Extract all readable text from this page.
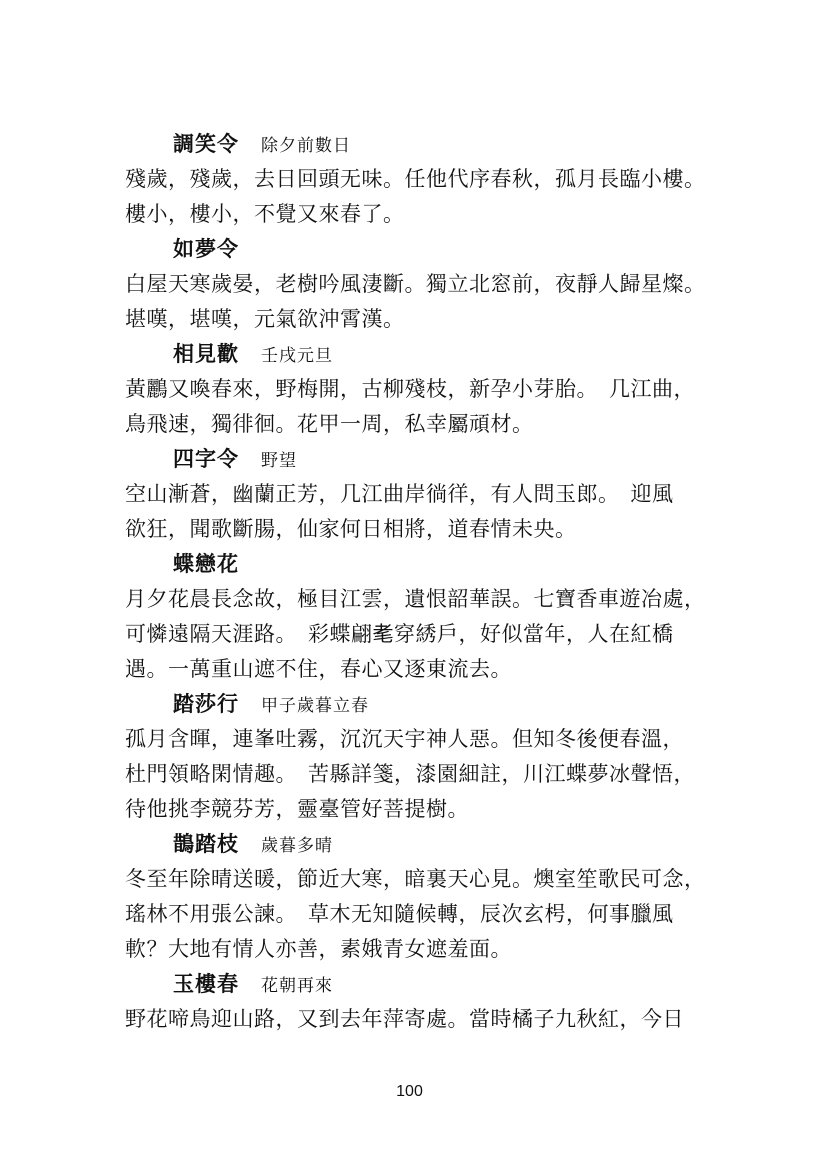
調笑令 除夕前數日
殘歲，殘歲，去日回頭无味。任他代序春秋，孤月長臨小樓。
樓小，樓小，不覺又來春了。
如夢令
白屋天寒歲晏，老樹吟風淒斷。獨立北窓前，夜靜人歸星燦。
堪嘆，堪嘆，元氣欲沖霄漢。
相見歡 壬戌元旦
黃鸝又喚春來，野梅開，古柳殘枝，新孕小芽胎。　几江曲，
鳥飛速，獨徘徊。花甲一周，私幸屬頑材。
四字令 野望
空山漸蒼，幽蘭正芳，几江曲岸徜徉，有人問玉郎。　迎風
欲狂，聞歌斷腸，仙家何日相將，道春情未央。
蝶戀花
月夕花晨長念故，極目江雲，遺恨韶華誤。七寶香車遊冶處，
可憐遠隔天涯路。　彩蝶翩𦒷穿綉戶，好似當年，人在紅橋
遇。一萬重山遮不住，春心又逐東流去。
踏莎行 甲子歲暮立春
孤月含暉，連峯吐霧，沉沉天宇神人惡。但知冬後便春溫，
杜門領略閑情趣。　苦縣詳箋，漆園細註，川江蝶夢冰聲悟，
待他挑李競芬芳，靈臺管好菩提樹。
鵲踏枝 歲暮多晴
冬至年除晴送暖，節近大寒，暗裏天心見。燠室笙歌民可念，
瑤林不用張公諫。　草木无知隨候轉，辰次玄枵，何事臘風
軟？大地有情人亦善，素娥青女遮羞面。
玉樓春 花朝再來
野花啼鳥迎山路，又到去年萍寄處。當時橘子九秋紅，今日
100
